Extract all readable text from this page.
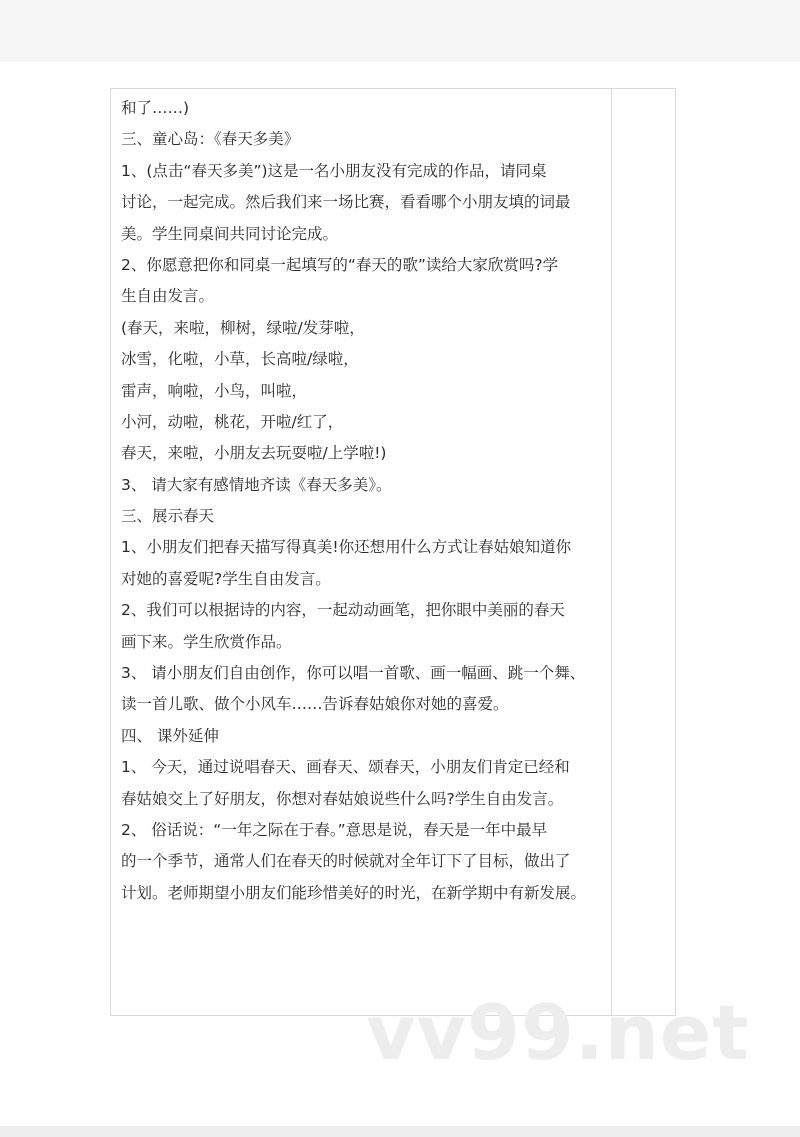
和了……)
三、童心岛：《春天多美》
1、(点击“春天多美”)这是一名小朋友没有完成的作品，请同桌
讨论，一起完成。然后我们来一场比赛，看看哪个小朋友填的词最
美。学生同桌间共同讨论完成。
2、你愿意把你和同桌一起填写的“春天的歌”读给大家欣赏吗?学
生自由发言。
(春天，来啦，柳树，绿啦/发芽啦，
冰雪，化啦，小草，长高啦/绿啦，
雷声，响啦，小鸟，叫啦，
小河，动啦，桃花，开啦/红了，
春天，来啦，小朋友去玩耍啦/上学啦!)
3、 请大家有感情地齐读《春天多美》。
三、展示春天
1、小朋友们把春天描写得真美!你还想用什么方式让春姑娘知道你
对她的喜爱呢?学生自由发言。
2、我们可以根据诗的内容，一起动动画笔，把你眼中美丽的春天
画下来。学生欣赏作品。
3、 请小朋友们自由创作，你可以唱一首歌、画一幅画、跳一个舞、
读一首儿歌、做个小风车……告诉春姑娘你对她的喜爱。
四、 课外延伸
1、 今天，通过说唱春天、画春天、颂春天，小朋友们肯定已经和
春姑娘交上了好朋友，你想对春姑娘说些什么吗?学生自由发言。
2、 俗话说：“一年之际在于春。”意思是说，春天是一年中最早
的一个季节，通常人们在春天的时候就对全年订下了目标，做出了
计划。老师期望小朋友们能珍惜美好的时光，在新学期中有新发展。
vv99.net
